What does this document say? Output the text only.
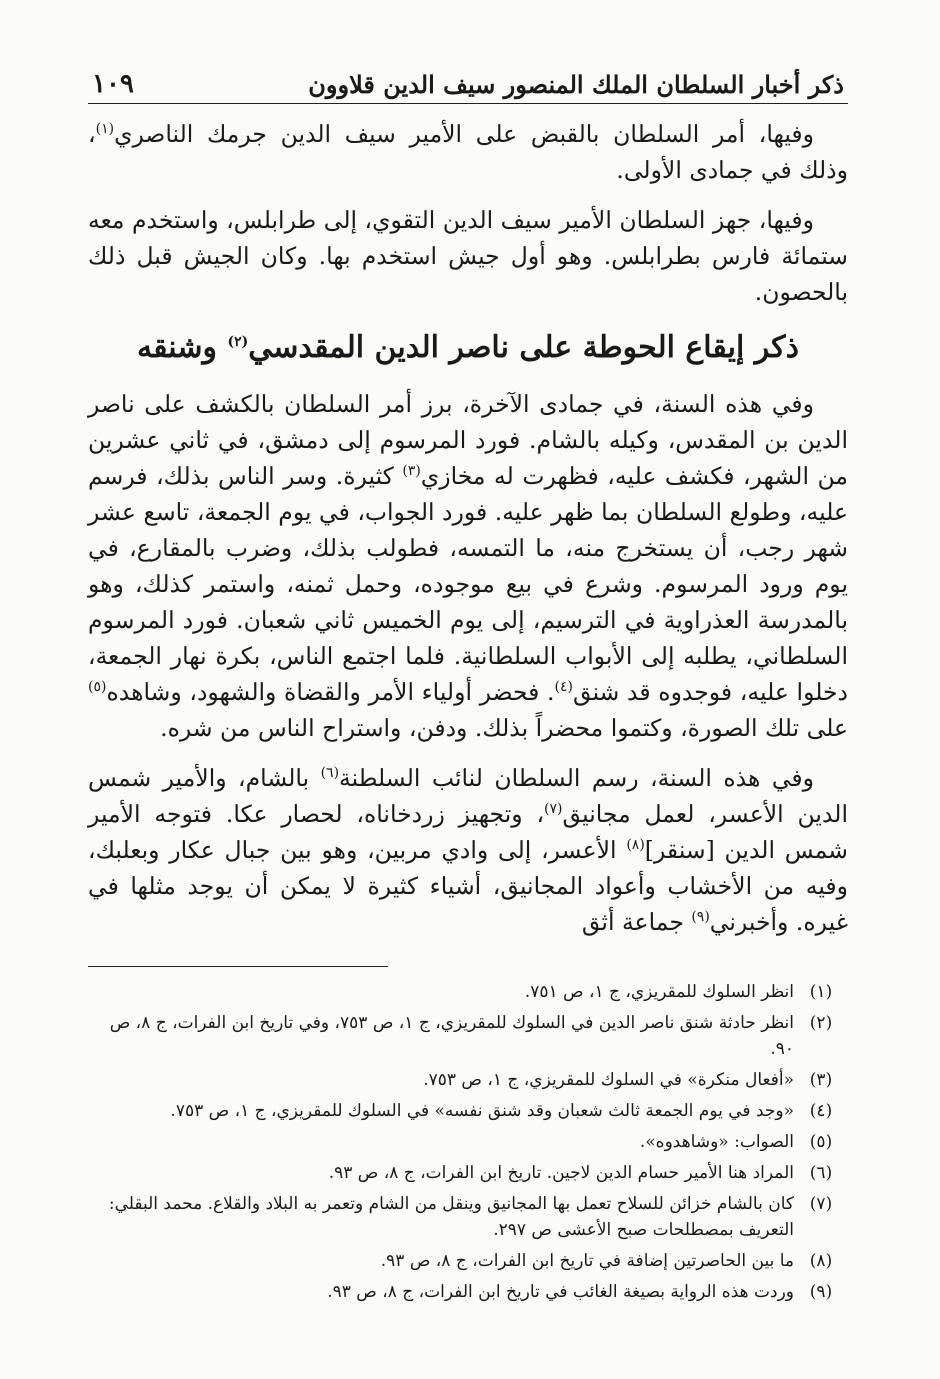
ذكر أخبار السلطان الملك المنصور سيف الدين قلاوون
١٠٩

وفيها، أمر السلطان بالقبض على الأمير سيف الدين جرمك الناصري$^{(١)}$، وذلك في جمادى الأولى.

وفيها، جهز السلطان الأمير سيف الدين التقوي، إلى طرابلس، واستخدم معه ستمائة فارس بطرابلس. وهو أول جيش استخدم بها. وكان الجيش قبل ذلك بالحصون.

ذكر إيقاع الحوطة على ناصر الدين المقدسي$^{(٢)}$ وشنقه

وفي هذه السنة، في جمادى الآخرة، برز أمر السلطان بالكشف على ناصر الدين بن المقدس، وكيله بالشام. فورد المرسوم إلى دمشق، في ثاني عشرين من الشهر، فكشف عليه، فظهرت له مخازي$^{(٣)}$ كثيرة. وسر الناس بذلك، فرسم عليه، وطولع السلطان بما ظهر عليه. فورد الجواب، في يوم الجمعة، تاسع عشر شهر رجب، أن يستخرج منه، ما التمسه، فطولب بذلك، وضرب بالمقارع، في يوم ورود المرسوم. وشرع في بيع موجوده، وحمل ثمنه، واستمر كذلك، وهو بالمدرسة العذراوية في الترسيم، إلى يوم الخميس ثاني شعبان. فورد المرسوم السلطاني، يطلبه إلى الأبواب السلطانية. فلما اجتمع الناس، بكرة نهار الجمعة، دخلوا عليه، فوجدوه قد شنق$^{(٤)}$. فحضر أولياء الأمر والقضاة والشهود، وشاهده$^{(٥)}$ على تلك الصورة، وكتموا محضراً بذلك. ودفن، واستراح الناس من شره.

وفي هذه السنة، رسم السلطان لنائب السلطنة$^{(٦)}$ بالشام، والأمير شمس الدين الأعسر، لعمل مجانيق$^{(٧)}$، وتجهيز زردخاناه، لحصار عكا. فتوجه الأمير شمس الدين [سنقر]$^{(٨)}$ الأعسر، إلى وادي مربين، وهو بين جبال عكار وبعلبك، وفيه من الأخشاب وأعواد المجانيق، أشياء كثيرة لا يمكن أن يوجد مثلها في غيره. وأخبرني$^{(٩)}$ جماعة أثق

(١)
انظر السلوك للمقريزي، ج ١، ص ٧٥١.
(٢)
انظر حادثة شنق ناصر الدين في السلوك للمقريزي، ج ١، ص ٧٥٣، وفي تاريخ ابن الفرات، ج ٨، ص ٩٠.
(٣)
«أفعال منكرة» في السلوك للمقريزي، ج ١، ص ٧٥٣.
(٤)
«وجد في يوم الجمعة ثالث شعبان وقد شنق نفسه» في السلوك للمقريزي، ج ١، ص ٧٥٣.
(٥)
الصواب: «وشاهدوه».
(٦)
المراد هنا الأمير حسام الدين لاجين. تاريخ ابن الفرات، ج ٨، ص ٩٣.
(٧)
كان بالشام خزائن للسلاح تعمل بها المجانيق وينقل من الشام وتعمر به البلاد والقلاع. محمد البقلي: التعريف بمصطلحات صبح الأعشى ص ٢٩٧.
(٨)
ما بين الحاصرتين إضافة في تاريخ ابن الفرات، ج ٨، ص ٩٣.
(٩)
وردت هذه الرواية بصيغة الغائب في تاريخ ابن الفرات، ج ٨، ص ٩٣.
